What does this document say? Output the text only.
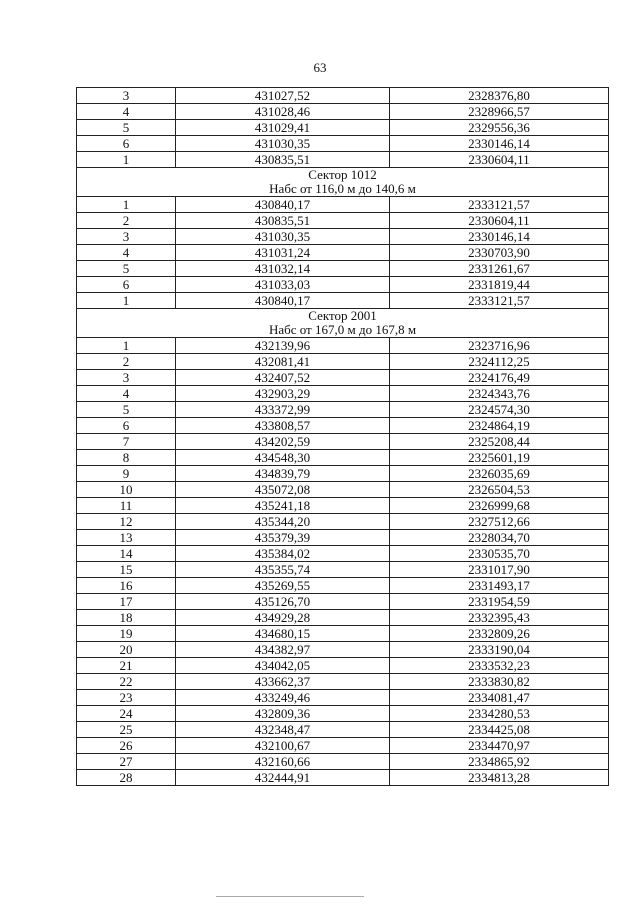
63
3	431027,52	2328376,80
4	431028,46	2328966,57
5	431029,41	2329556,36
6	431030,35	2330146,14
1	430835,51	2330604,11

Сектор 1012
Набс от 116,0 м до 140,6 м		

1	430840,17	2333121,57
2	430835,51	2330604,11
3	431030,35	2330146,14
4	431031,24	2330703,90
5	431032,14	2331261,67
6	431033,03	2331819,44
1	430840,17	2333121,57

Сектор 2001
Набс от 167,0 м до 167,8 м		

1	432139,96	2323716,96
2	432081,41	2324112,25
3	432407,52	2324176,49
4	432903,29	2324343,76
5	433372,99	2324574,30
6	433808,57	2324864,19
7	434202,59	2325208,44
8	434548,30	2325601,19
9	434839,79	2326035,69
10	435072,08	2326504,53
11	435241,18	2326999,68
12	435344,20	2327512,66
13	435379,39	2328034,70
14	435384,02	2330535,70
15	435355,74	2331017,90
16	435269,55	2331493,17
17	435126,70	2331954,59
18	434929,28	2332395,43
19	434680,15	2332809,26
20	434382,97	2333190,04
21	434042,05	2333532,23
22	433662,37	2333830,82
23	433249,46	2334081,47
24	432809,36	2334280,53
25	432348,47	2334425,08
26	432100,67	2334470,97
27	432160,66	2334865,92
28	432444,91	2334813,28
